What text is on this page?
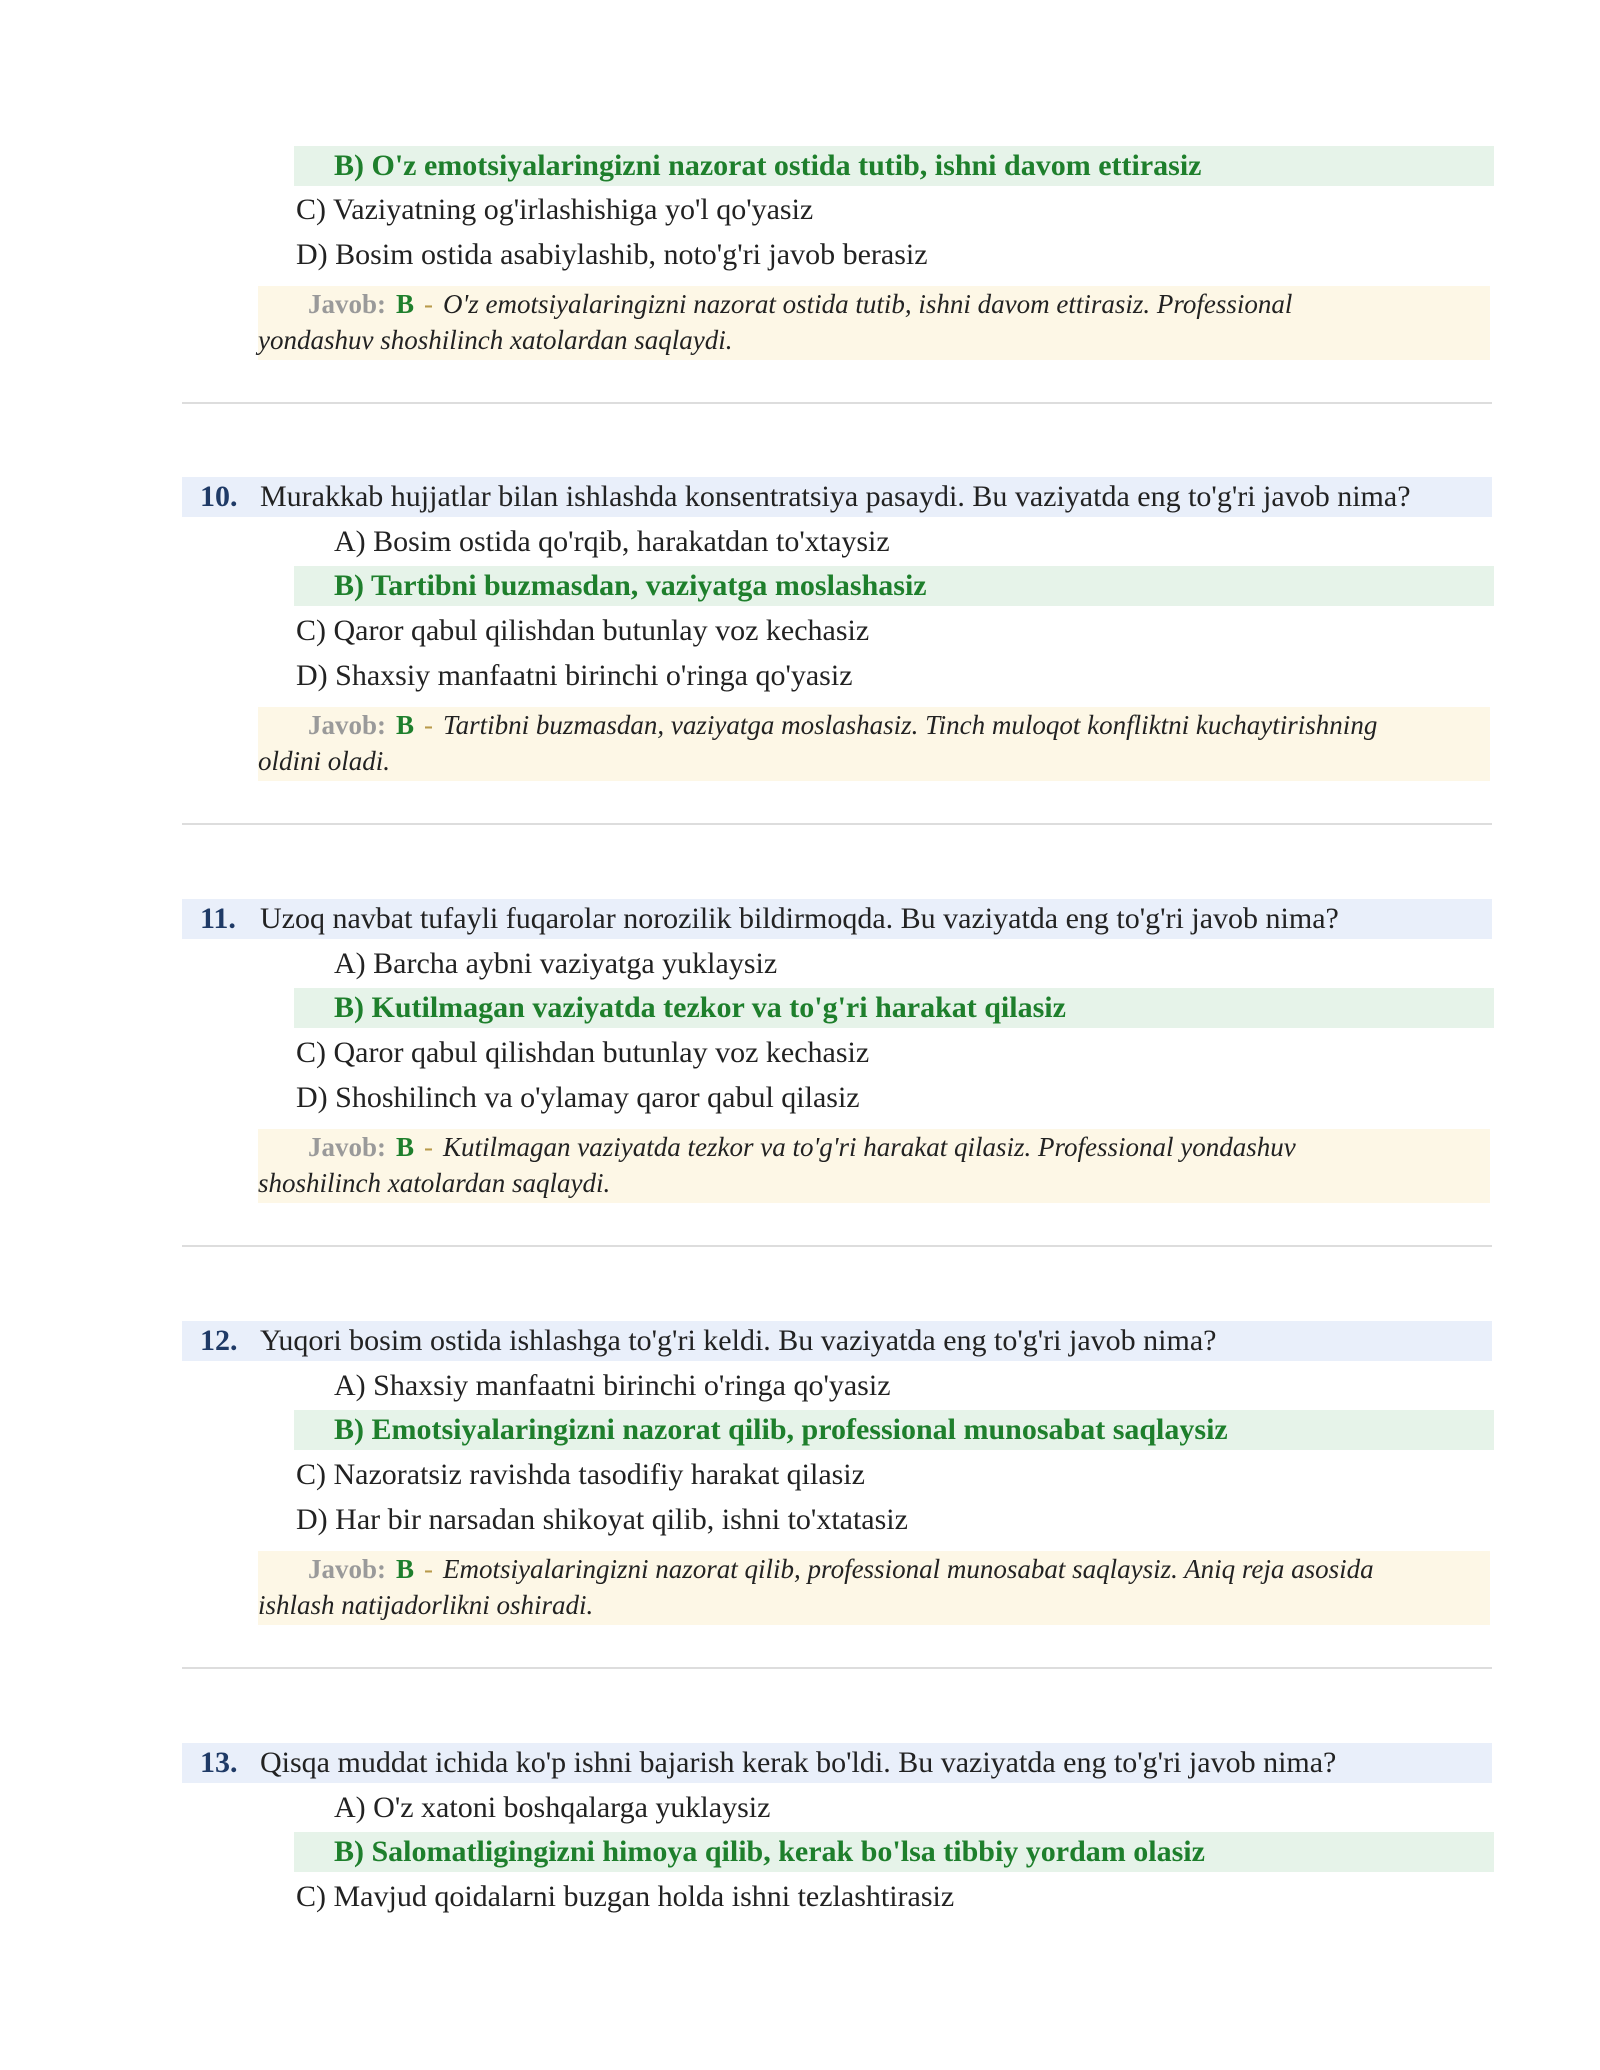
B) O'z emotsiyalaringizni nazorat ostida tutib, ishni davom ettirasiz
C) Vaziyatning og'irlashishiga yo'l qo'yasiz
D) Bosim ostida asabiylashib, noto'g'ri javob berasiz
Javob: B - O'z emotsiyalaringizni nazorat ostida tutib, ishni davom ettirasiz. Professional
yondashuv shoshilinch xatolardan saqlaydi.
10. Murakkab hujjatlar bilan ishlashda konsentratsiya pasaydi. Bu vaziyatda eng to'g'ri javob nima?
A) Bosim ostida qo'rqib, harakatdan to'xtaysiz
B) Tartibni buzmasdan, vaziyatga moslashasiz
C) Qaror qabul qilishdan butunlay voz kechasiz
D) Shaxsiy manfaatni birinchi o'ringa qo'yasiz
Javob: B - Tartibni buzmasdan, vaziyatga moslashasiz. Tinch muloqot konfliktni kuchaytirishning
oldini oladi.
11. Uzoq navbat tufayli fuqarolar norozilik bildirmoqda. Bu vaziyatda eng to'g'ri javob nima?
A) Barcha aybni vaziyatga yuklaysiz
B) Kutilmagan vaziyatda tezkor va to'g'ri harakat qilasiz
C) Qaror qabul qilishdan butunlay voz kechasiz
D) Shoshilinch va o'ylamay qaror qabul qilasiz
Javob: B - Kutilmagan vaziyatda tezkor va to'g'ri harakat qilasiz. Professional yondashuv
shoshilinch xatolardan saqlaydi.
12. Yuqori bosim ostida ishlashga to'g'ri keldi. Bu vaziyatda eng to'g'ri javob nima?
A) Shaxsiy manfaatni birinchi o'ringa qo'yasiz
B) Emotsiyalaringizni nazorat qilib, professional munosabat saqlaysiz
C) Nazoratsiz ravishda tasodifiy harakat qilasiz
D) Har bir narsadan shikoyat qilib, ishni to'xtatasiz
Javob: B - Emotsiyalaringizni nazorat qilib, professional munosabat saqlaysiz. Aniq reja asosida
ishlash natijadorlikni oshiradi.
13. Qisqa muddat ichida ko'p ishni bajarish kerak bo'ldi. Bu vaziyatda eng to'g'ri javob nima?
A) O'z xatoni boshqalarga yuklaysiz
B) Salomatligingizni himoya qilib, kerak bo'lsa tibbiy yordam olasiz
C) Mavjud qoidalarni buzgan holda ishni tezlashtirasiz
